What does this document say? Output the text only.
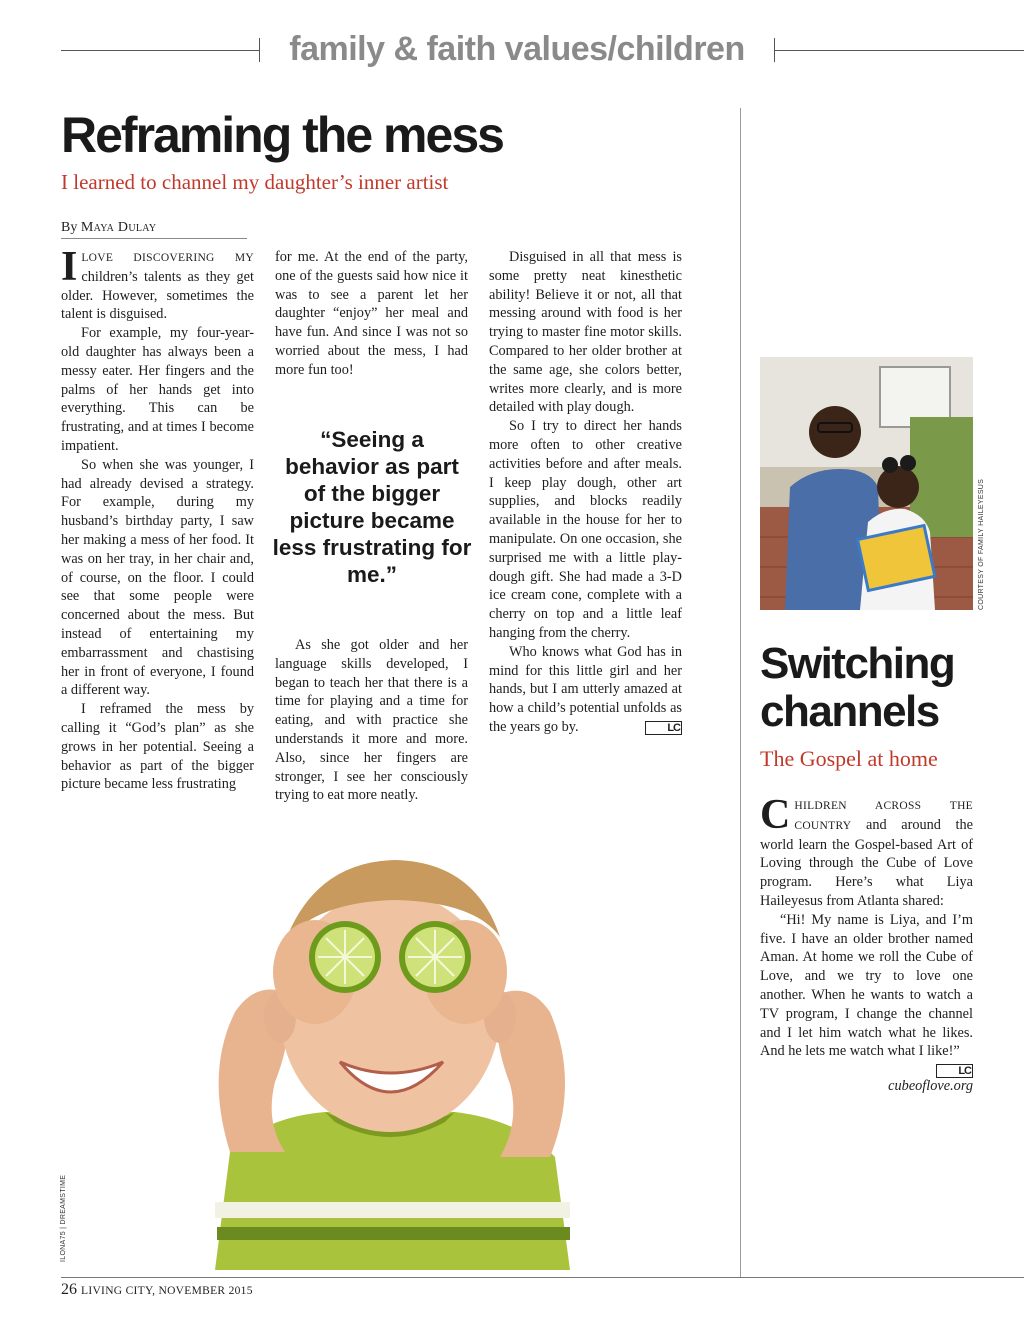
family & faith values/children
Reframing the mess
I learned to channel my daughter’s inner artist
By Maya Dulay

ILOVE DISCOVERING MY children’s talents as they get older. However, sometimes the talent is disguised.

For example, my four-year-old daughter has always been a messy eater. Her fingers and the palms of her hands get into everything. This can be frustrating, and at times I become impatient.

So when she was younger, I had already devised a strategy. For example, during my husband’s birthday party, I saw her making a mess of her food. It was on her tray, in her chair and, of course, on the floor. I could see that some people were concerned about the mess. But instead of entertaining my embarrassment and chastising her in front of everyone, I found a different way.

I reframed the mess by calling it “God’s plan” as she grows in her potential. Seeing a behavior as part of the bigger picture became less frustrating

for me. At the end of the party, one of the guests said how nice it was to see a parent let her daughter “enjoy” her meal and have fun. And since I was not so worried about the mess, I had more fun too!

“Seeing a behavior as part of the bigger picture became less frustrating for me.”

As she got older and her language skills developed, I began to teach her that there is a time for playing and a time for eating, and with practice she understands it more and more. Also, since her fingers are stronger, I see her consciously trying to eat more neatly.

Disguised in all that mess is some pretty neat kinesthetic ability! Believe it or not, all that messing around with food is her trying to master fine motor skills. Compared to her older brother at the same age, she colors better, writes more clearly, and is more detailed with play dough.

So I try to direct her hands more often to other creative activities before and after meals. I keep play dough, other art supplies, and blocks readily available in the house for her to manipulate. On one occasion, she surprised me with a little play-dough gift. She had made a 3-D ice cream cone, complete with a cherry on top and a little leaf hanging from the cherry.

Who knows what God has in mind for this little girl and her hands, but I am utterly amazed at how a child’s potential unfolds as the years go by.	LC

ILONA75 | DREAMSTIME
COURTESY OF FAMILY HAILEYESUS
Switching channels
The Gospel at home

CHILDREN ACROSS THE COUNTRY and around the world learn the Gospel-based Art of Loving through the Cube of Love program. Here’s what Liya Haileyesus from Atlanta shared:

“Hi! My name is Liya, and I’m five. I have an older brother named Aman. At home we roll the Cube of Love, and we try to love one another. When he wants to watch a TV program, I change the channel and I let him watch what he likes. And he lets me watch what I like!”
LC

cubeoflove.org
26 LIVING CITY, NOVEMBER 2015
